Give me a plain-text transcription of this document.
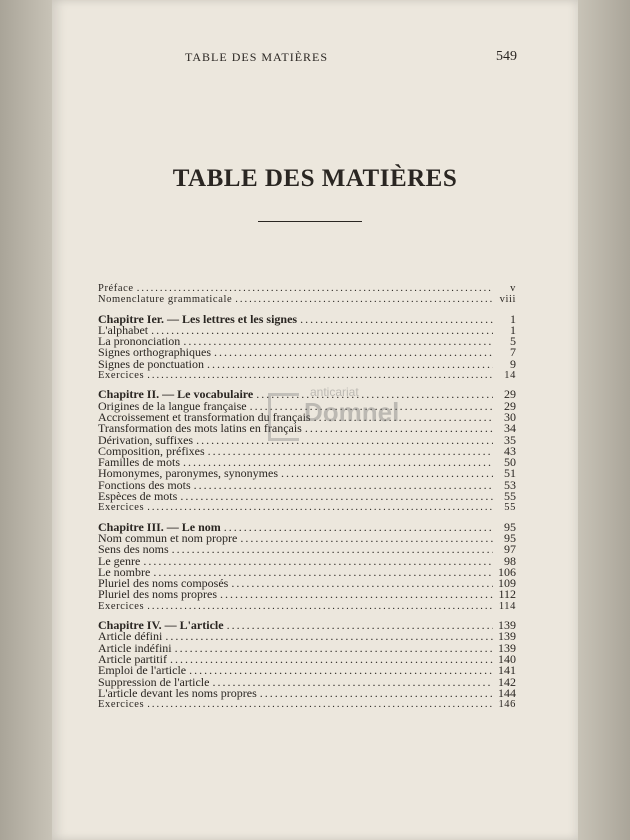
TABLE DES MATIÈRES	549
TABLE DES MATIÈRES
Préface .....	v
Nomenclature grammaticale .....	viii
Chapitre Ier. — Les lettres et les signes .....	1
L'alphabet .....	1
La prononciation .....	5
Signes orthographiques .....	7
Signes de ponctuation .....	9
Exercices .....	14
Chapitre II. — Le vocabulaire .....	29
Origines de la langue française .....	29
Accroissement et transformation du français .....	30
Transformation des mots latins en français .....	34
Dérivation, suffixes .....	35
Composition, préfixes .....	43
Familles de mots .....	50
Homonymes, paronymes, synonymes .....	51
Fonctions des mots .....	53
Espèces de mots .....	55
Exercices .....	55
Chapitre III. — Le nom .....	95
Nom commun et nom propre .....	95
Sens des noms .....	97
Le genre .....	98
Le nombre .....	106
Pluriel des noms composés .....	109
Pluriel des noms propres .....	112
Exercices .....	114
Chapitre IV. — L'article .....	139
Article défini .....	139
Article indéfini .....	139
Article partitif .....	140
Emploi de l'article .....	141
Suppression de l'article .....	142
L'article devant les noms propres .....	144
Exercices .....	146
anticariat
Domnel
